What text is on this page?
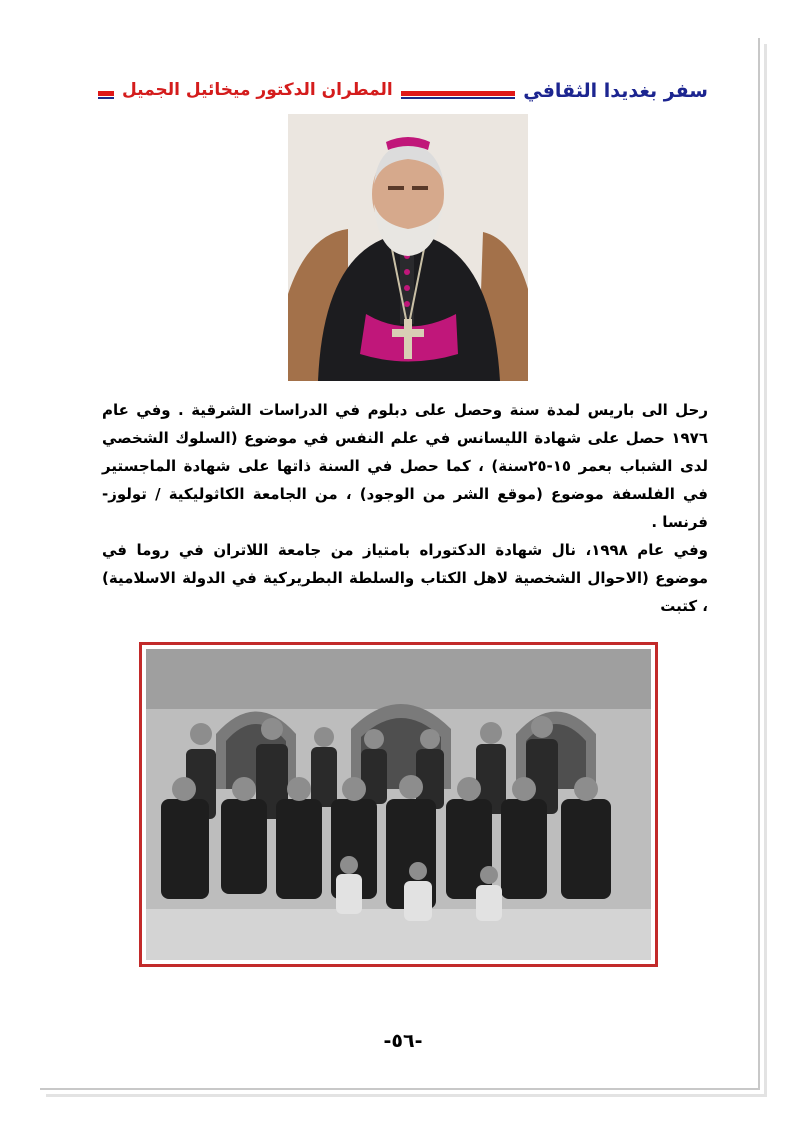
سفر بغديدا الثقافي
المطران الدكتور ميخائيل الجميل

رحل الى باريس لمدة سنة وحصل على دبلوم في الدراسات الشرقية . وفي عام ١٩٧٦ حصل على شهادة الليسانس في علم النفس في موضوع (السلوك الشخصي لدى الشباب بعمر ١٥-٢٥سنة) ، كما حصل في السنة ذاتها على شهادة الماجستير في الفلسفة موضوع (موقع الشر من الوجود) ، من الجامعة الكاثوليكية / تولوز- فرنسا .

وفي عام ١٩٩٨، نال شهادة الدكتوراه بامتياز من جامعة اللاتران في روما في موضوع (الاحوال الشخصية لاهل الكتاب والسلطة البطريركية في الدولة الاسلامية) ، كتبت

-٥٦-
